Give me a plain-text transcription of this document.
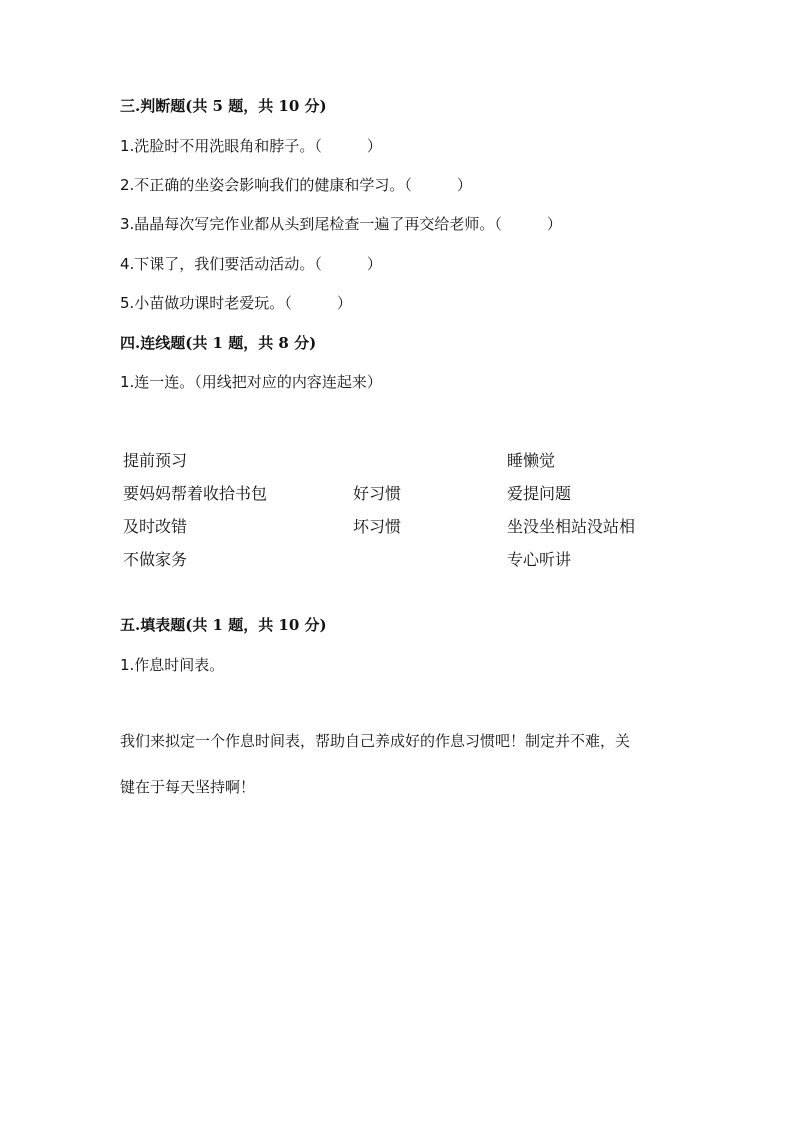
三.判断题(共 5 题，共 10 分)
1.洗脸时不用洗眼角和脖子。（　　　）
2.不正确的坐姿会影响我们的健康和学习。（　　　）
3.晶晶每次写完作业都从头到尾检查一遍了再交给老师。（　　　）
4.下课了，我们要活动活动。（　　　）
5.小苗做功课时老爱玩。（　　　）
四.连线题(共 1 题，共 8 分)
1.连一连。（用线把对应的内容连起来）
提前预习
要妈妈帮着收拾书包
及时改错
不做家务
好习惯
坏习惯
睡懒觉
爱提问题
坐没坐相站没站相
专心听讲
五.填表题(共 1 题，共 10 分)
1.作息时间表。
我们来拟定一个作息时间表，帮助自己养成好的作息习惯吧！制定并不难，关
键在于每天坚持啊！
